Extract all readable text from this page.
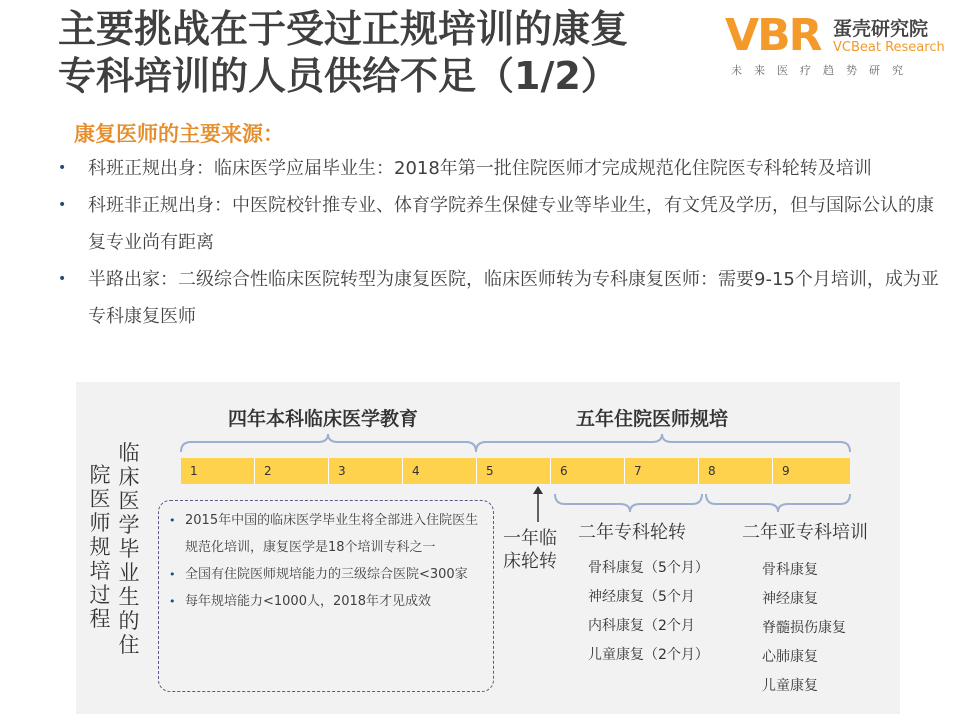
主要挑战在于受过正规培训的康复
专科培训的人员供给不足（1/2）
VBR 蛋壳研究院
VCBeat Research
未来医疗趋势研究
康复医师的主要来源：
• 科班正规出身：临床医学应届毕业生：2018年第一批住院医师才完成规范化住院医专科轮转及培训
• 科班非正规出身：中医院校针推专业、体育学院养生保健专业等毕业生，有文凭及学历，但与国际公认的康复专业尚有距离
• 半路出家：二级综合性临床医院转型为康复医院，临床医师转为专科康复医师：需要9-15个月培训，成为亚专科康复医师
临床医学毕业生的住
院医师规培过程
四年本科临床医学教育	五年住院医师规培
1	2	3	4	5	6	7	8	9
• 2015年中国的临床医学毕业生将全部进入住院医生规范化培训，康复医学是18个培训专科之一
• 全国有住院医师规培能力的三级综合医院<300家
• 每年规培能力<1000人，2018年才见成效
一年临
床轮转
二年专科轮转
骨科康复（5个月）
神经康复（5个月
内科康复（2个月
儿童康复（2个月）
二年亚专科培训
骨科康复
神经康复
脊髓损伤康复
心肺康复
儿童康复
